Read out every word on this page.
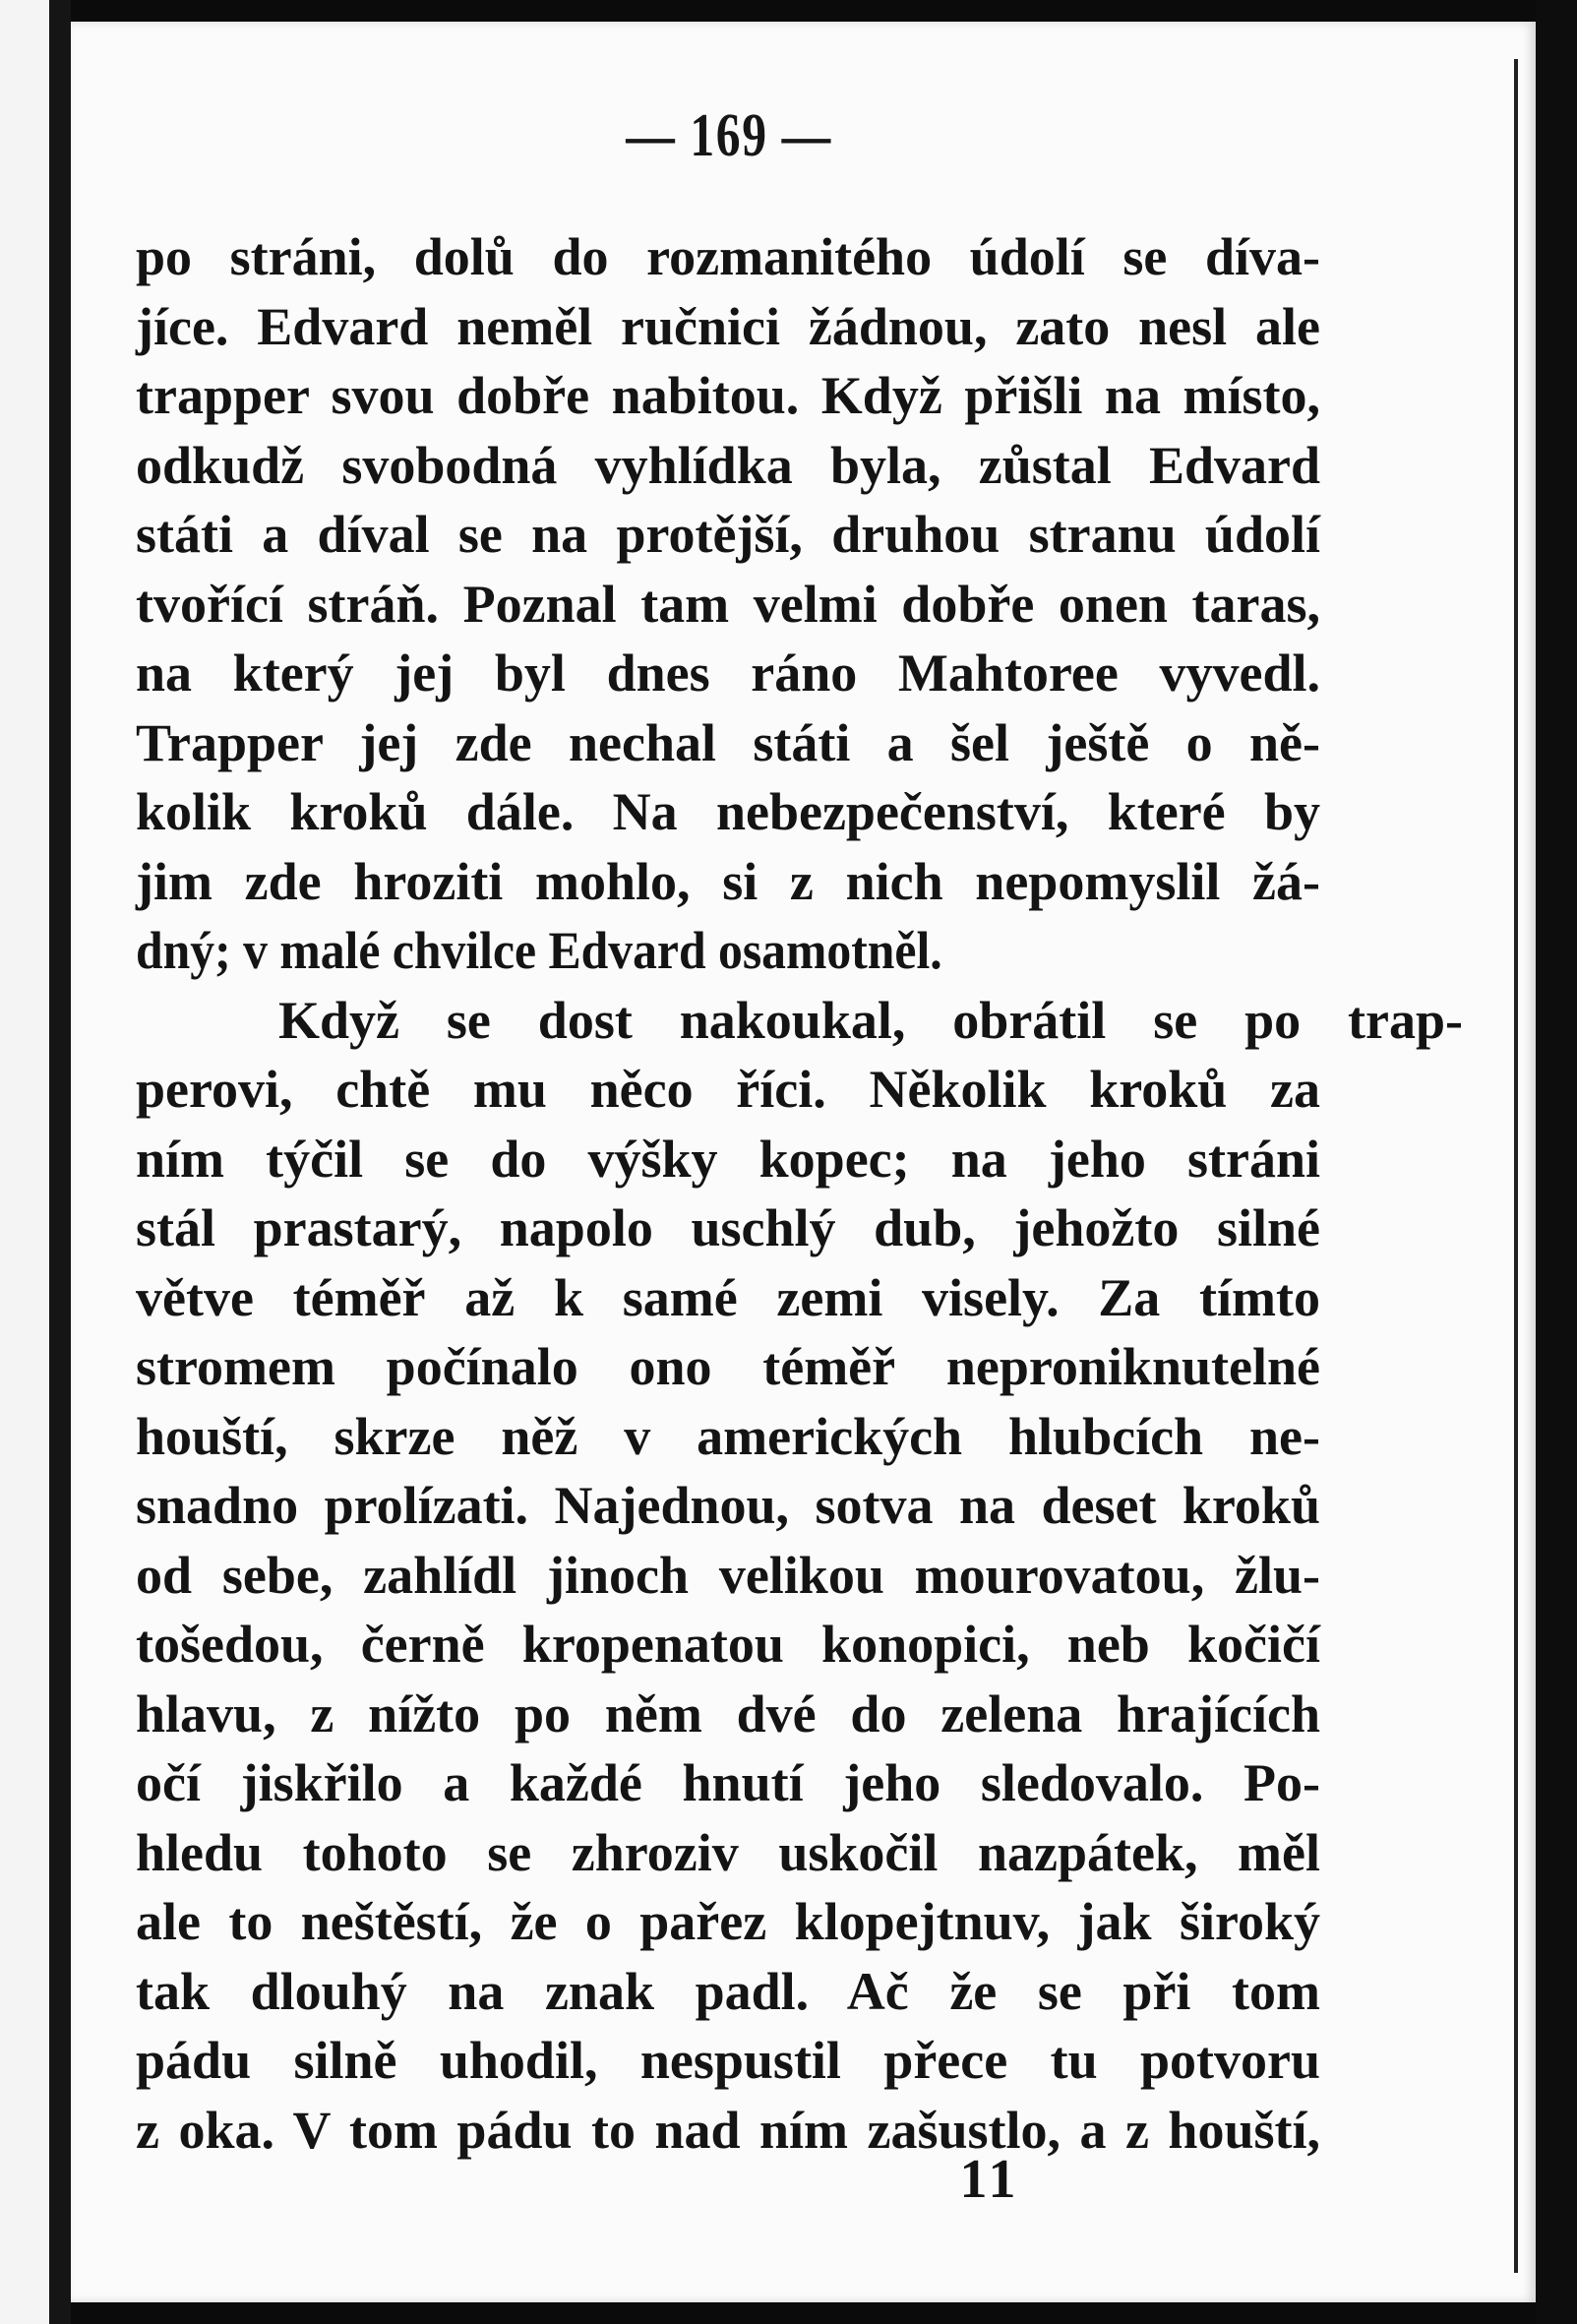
— 169 —
po stráni, dolů do rozmanitého údolí se díva-
jíce. Edvard neměl ručnici žádnou, zato nesl ale
trapper svou dobře nabitou. Když přišli na místo,
odkudž svobodná vyhlídka byla, zůstal Edvard
státi a díval se na protější, druhou stranu údolí
tvořící stráň. Poznal tam velmi dobře onen taras,
na který jej byl dnes ráno Mahtoree vyvedl.
Trapper jej zde nechal státi a šel ještě o ně-
kolik kroků dále. Na nebezpečenství, které by
jim zde hroziti mohlo, si z nich nepomyslil žá-
dný; v malé chvilce Edvard osamotněl.
Když se dost nakoukal, obrátil se po trap-
perovi, chtě mu něco říci. Několik kroků za
ním týčil se do výšky kopec; na jeho stráni
stál prastarý, napolo uschlý dub, jehožto silné
větve téměř až k samé zemi visely. Za tímto
stromem počínalo ono téměř neproniknutelné
houští, skrze něž v amerických hlubcích ne-
snadno prolízati. Najednou, sotva na deset kroků
od sebe, zahlídl jinoch velikou mourovatou, žlu-
tošedou, černě kropenatou konopici, neb kočičí
hlavu, z nížto po něm dvé do zelena hrajících
očí jiskřilo a každé hnutí jeho sledovalo. Po-
hledu tohoto se zhroziv uskočil nazpátek, měl
ale to neštěstí, že o pařez klopejtnuv, jak široký
tak dlouhý na znak padl. Ač že se při tom
pádu silně uhodil, nespustil přece tu potvoru
z oka. V tom pádu to nad ním zašustlo, a z houští,
11
